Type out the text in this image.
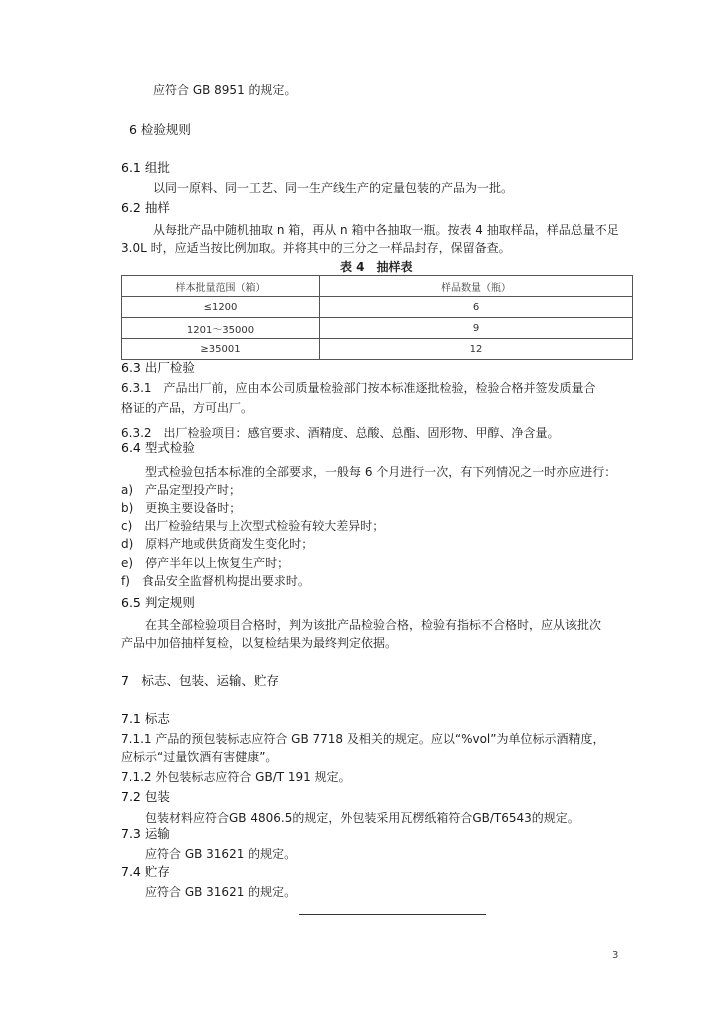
应符合 GB 8951 的规定。
6 检验规则
6.1 组批
以同一原料、同一工艺、同一生产线生产的定量包装的产品为一批。
6.2 抽样
从每批产品中随机抽取 n 箱，再从 n 箱中各抽取一瓶。按表 4 抽取样品，样品总量不足
3.0L 时，应适当按比例加取。并将其中的三分之一样品封存，保留备查。
表 4　抽样表
样本批量范围（箱）	样品数量（瓶）
≤1200	6
1201～35000	9
≥35001	12
6.3 出厂检验
6.3.1　产品出厂前，应由本公司质量检验部门按本标准逐批检验，检验合格并签发质量合
格证的产品，方可出厂。
6.3.2　出厂检验项目：感官要求、酒精度、总酸、总酯、固形物、甲醇、净含量。
6.4 型式检验
型式检验包括本标准的全部要求，一般每 6 个月进行一次，有下列情况之一时亦应进行：
a)　产品定型投产时；
b)　更换主要设备时；
c)　出厂检验结果与上次型式检验有较大差异时；
d)　原料产地或供货商发生变化时；
e)　停产半年以上恢复生产时；
f)　食品安全监督机构提出要求时。
6.5 判定规则
在其全部检验项目合格时，判为该批产品检验合格，检验有指标不合格时，应从该批次
产品中加倍抽样复检，以复检结果为最终判定依据。
7　标志、包装、运输、贮存
7.1 标志
7.1.1 产品的预包装标志应符合 GB 7718 及相关的规定。应以“%vol”为单位标示酒精度，
应标示“过量饮酒有害健康”。
7.1.2 外包装标志应符合 GB/T 191 规定。
7.2 包装
包装材料应符合GB 4806.5的规定，外包装采用瓦楞纸箱符合GB/T6543的规定。
7.3 运输
应符合 GB 31621 的规定。
7.4 贮存
应符合 GB 31621 的规定。
3
